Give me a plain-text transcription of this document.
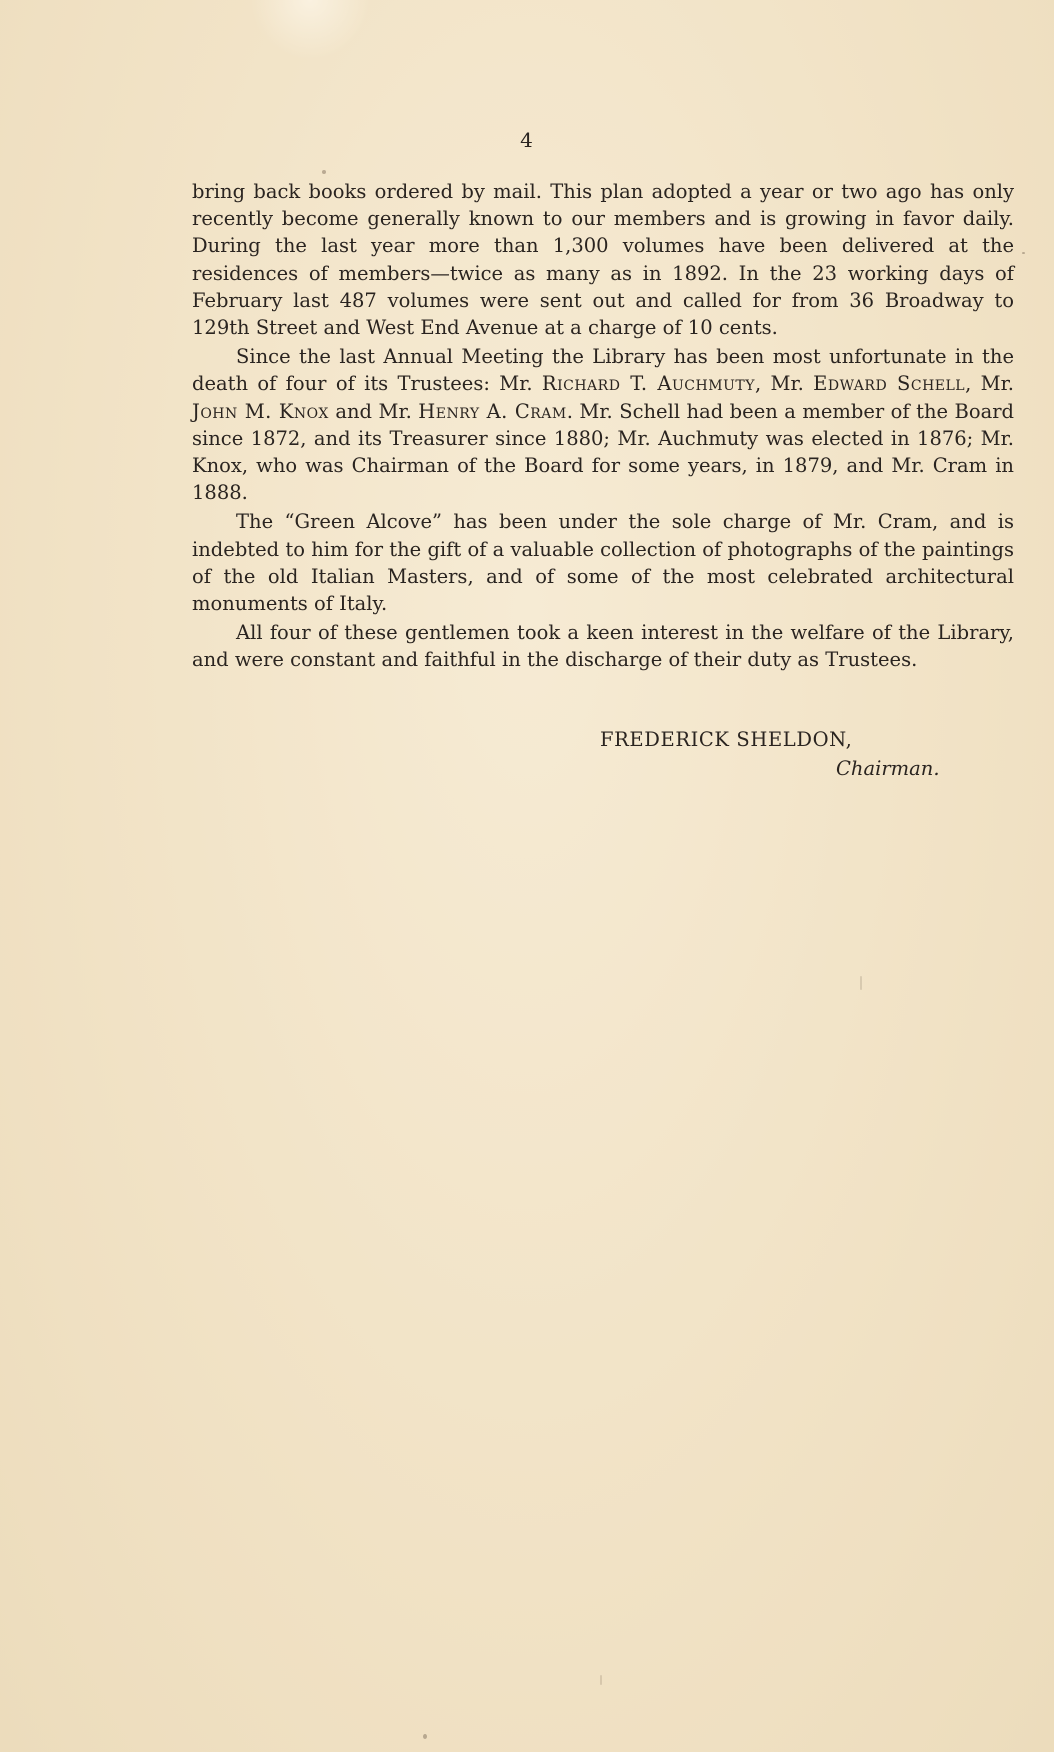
4

bring back books ordered by mail. This plan adopted a year or two ago has only recently become generally known to our members and is growing in favor daily. During the last year more than 1,300 volumes have been delivered at the residences of members—twice as many as in 1892. In the 23 working days of February last 487 volumes were sent out and called for from 36 Broadway to 129th Street and West End Avenue at a charge of 10 cents.

Since the last Annual Meeting the Library has been most unfortunate in the death of four of its Trustees: Mr. Richard T. Auchmuty, Mr. Edward Schell, Mr. John M. Knox and Mr. Henry A. Cram. Mr. Schell had been a member of the Board since 1872, and its Treasurer since 1880; Mr. Auchmuty was elected in 1876; Mr. Knox, who was Chairman of the Board for some years, in 1879, and Mr. Cram in 1888.

The “Green Alcove” has been under the sole charge of Mr. Cram, and is indebted to him for the gift of a valuable collection of photographs of the paintings of the old Italian Masters, and of some of the most celebrated architectural monuments of Italy.

All four of these gentlemen took a keen interest in the welfare of the Library, and were constant and faithful in the discharge of their duty as Trustees.

FREDERICK SHELDON,
Chairman.
